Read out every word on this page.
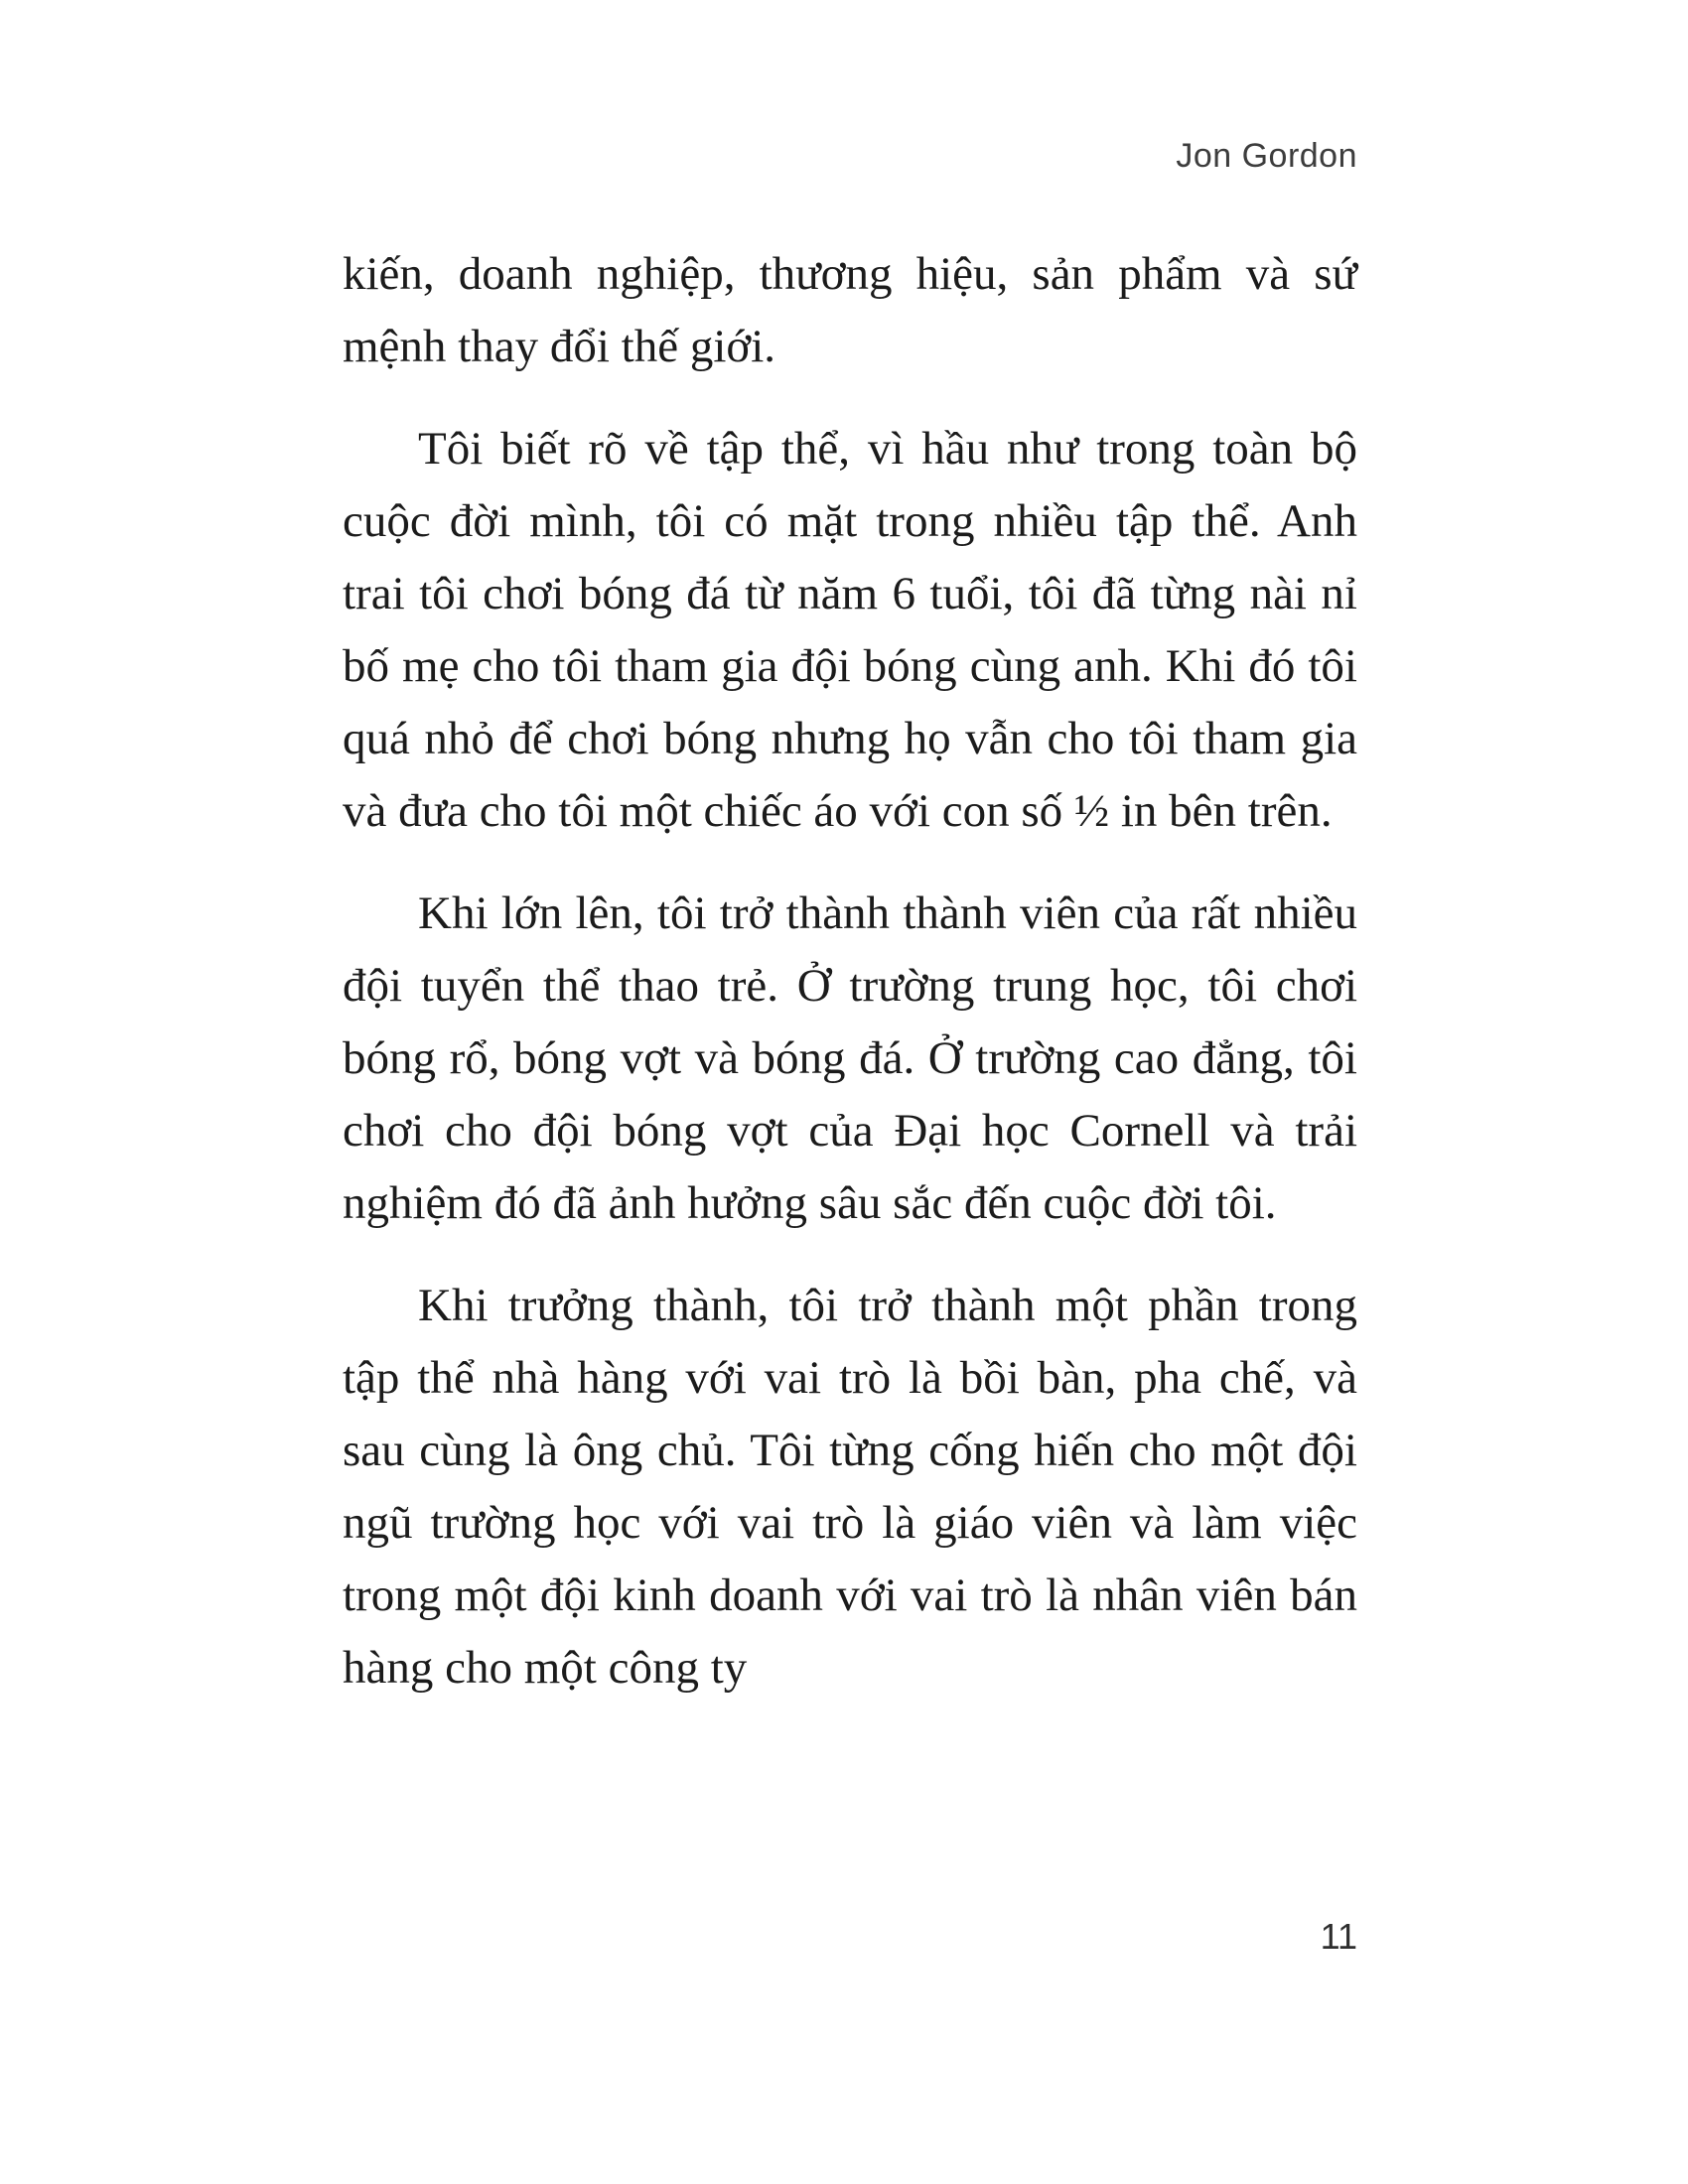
Jon Gordon

kiến, doanh nghiệp, thương hiệu, sản phẩm và sứ mệnh thay đổi thế giới.

Tôi biết rõ về tập thể, vì hầu như trong toàn bộ cuộc đời mình, tôi có mặt trong nhiều tập thể. Anh trai tôi chơi bóng đá từ năm 6 tuổi, tôi đã từng nài nỉ bố mẹ cho tôi tham gia đội bóng cùng anh. Khi đó tôi quá nhỏ để chơi bóng nhưng họ vẫn cho tôi tham gia và đưa cho tôi một chiếc áo với con số ½ in bên trên.

Khi lớn lên, tôi trở thành thành viên của rất nhiều đội tuyển thể thao trẻ. Ở trường trung học, tôi chơi bóng rổ, bóng vợt và bóng đá. Ở trường cao đẳng, tôi chơi cho đội bóng vợt của Đại học Cornell và trải nghiệm đó đã ảnh hưởng sâu sắc đến cuộc đời tôi.

Khi trưởng thành, tôi trở thành một phần trong tập thể nhà hàng với vai trò là bồi bàn, pha chế, và sau cùng là ông chủ. Tôi từng cống hiến cho một đội ngũ trường học với vai trò là giáo viên và làm việc trong một đội kinh doanh với vai trò là nhân viên bán hàng cho một công ty

11
